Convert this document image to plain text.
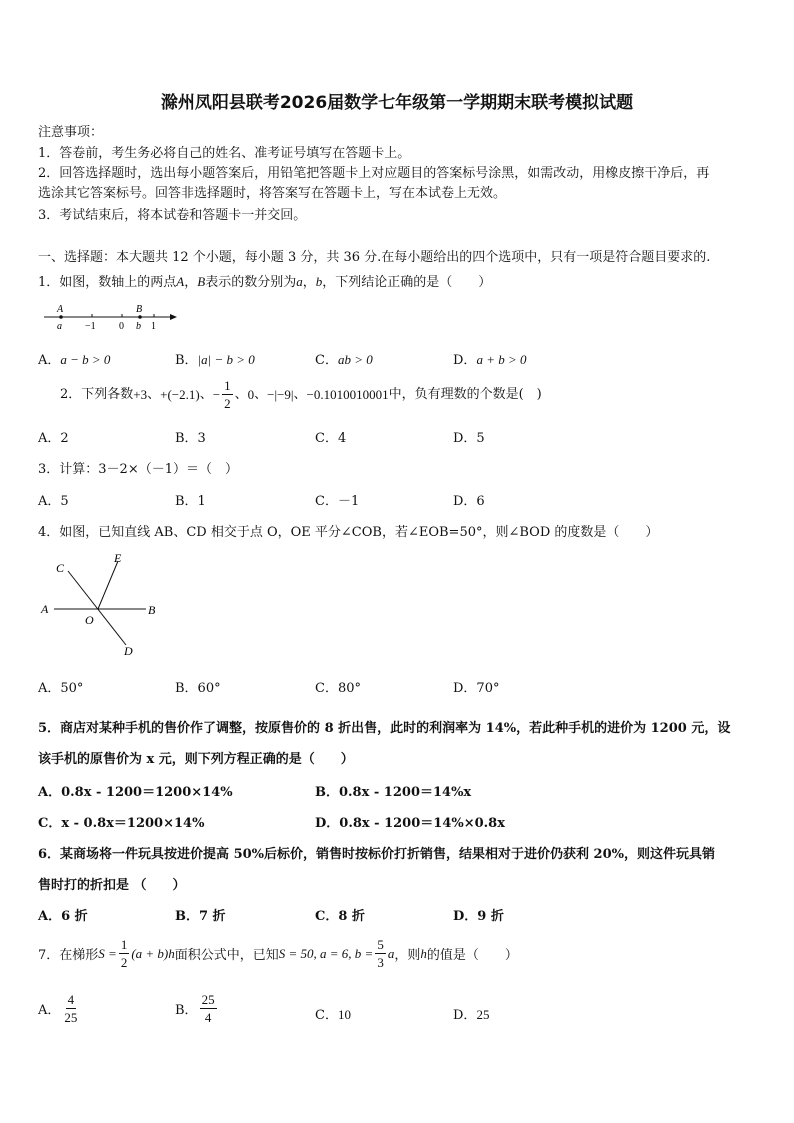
滁州凤阳县联考2026届数学七年级第一学期期末联考模拟试题
注意事项：
1．答卷前，考生务必将自己的姓名、准考证号填写在答题卡上。
2．回答选择题时，选出每小题答案后，用铅笔把答题卡上对应题目的答案标号涂黑，如需改动，用橡皮擦干净后，再
选涂其它答案标号。回答非选择题时，将答案写在答题卡上，写在本试卷上无效。
3．考试结束后，将本试卷和答题卡一并交回。
一、选择题：本大题共 12 个小题，每小题 3 分，共 36 分.在每小题给出的四个选项中，只有一项是符合题目要求的.
1．如图，数轴上的两点A，B表示的数分别为a，b，下列结论正确的是（　　）
A	B
a −1 0 b 1
A．a − b > 0	B．|a| − b > 0	C．ab > 0	D．a + b > 0
2．下列各数 +3 、 +(−2.1) 、 − $\frac{1}{2}$ 、 0 、 −|−9| 、 −0.1010010001 中，负有理数的个数是(　)
A．2	B．3	C．4	D．5
3．计算：3－2×（－1）＝（　）
A．5	B．1	C．－1	D．6
4．如图，已知直线 AB、CD 相交于点 O，OE 平分∠COB，若∠EOB=50°，则∠BOD 的度数是（　　）
A	B
C
D
E
O
A．50°	B．60°	C．80°	D．70°
5．商店对某种手机的售价作了调整，按原售价的 8 折出售，此时的利润率为 14%，若此种手机的进价为 1200 元，设
该手机的原售价为 x 元，则下列方程正确的是（　　）
A．0.8x - 1200＝1200×14%	B．0.8x - 1200＝14%x
C．x - 0.8x＝1200×14%	D．0.8x - 1200＝14%×0.8x
6．某商场将一件玩具按进价提高 50%后标价，销售时按标价打折销售，结果相对于进价仍获利 20%，则这件玩具销
售时打的折扣是 （　　）
A．6 折	B．7 折	C．8 折	D．9 折
7．在梯形 $S = \frac{1}{2} (a + b)h$ 面积公式中，已知 S = 50, a = 6, $b = \frac{5}{3}$ a ，则 h 的值是（　　）
A． $\frac{4}{25}$	B． $\frac{25}{4}$	C．10	D．25
